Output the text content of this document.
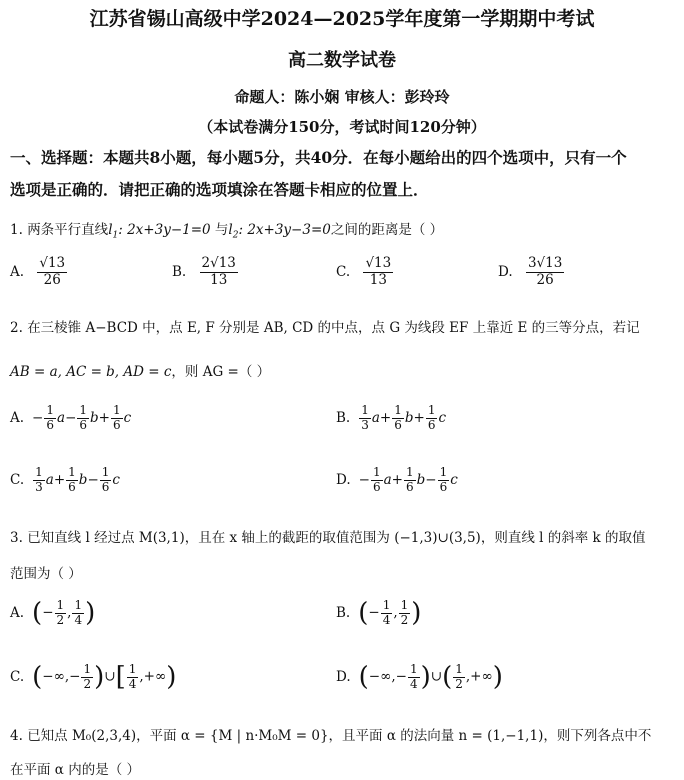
江苏省锡山高级中学2024—2025学年度第一学期期中考试
高二数学试卷
命题人：陈小娴 审核人：彭玲玲
（本试卷满分150分，考试时间120分钟）
一、选择题：本题共8小题，每小题5分，共40分．在每小题给出的四个选项中，只有一个
选项是正确的．请把正确的选项填涂在答题卡相应的位置上．
1. 两条平行直线$l_1$: 2x+3y−1=0 与$l_2$: 2x+3y−3=0之间的距离是（ ）
A. $\frac{√13}{26}$	B. $\frac{2√13}{13}$	C. $\frac{√13}{13}$	D. $\frac{3√13}{26}$
2. 在三棱锥 A−BCD 中，点 E, F 分别是 AB, CD 的中点，点 G 为线段 EF 上靠近 E 的三等分点，若记
AB = a, AC = b, AD = c，则 AG =（ ）
A. − $\frac{1}{6} a- \frac{1}{6} b+ \frac{1}{6}$ c	B. $\frac{1}{3} a+ \frac{1}{6} b+ \frac{1}{6}$ c
C. $\frac{1}{3} a+ \frac{1}{6} b- \frac{1}{6}$ c	D. − $\frac{1}{6} a+ \frac{1}{6} b- \frac{1}{6}$ c
3. 已知直线 l 经过点 M(3,1)，且在 x 轴上的截距的取值范围为 (−1,3)∪(3,5)，则直线 l 的斜率 k 的取值
范围为（ ）
A. (− $\frac{1}{2}$ , $\frac{1}{4}$ )	B. (− $\frac{1}{4}$ , $\frac{1}{2}$ )
C. (−∞,− $\frac{1}{2}$ )∪[ $\frac{1}{4}$ ,+∞)	D. (−∞,− $\frac{1}{4}$ )∪( $\frac{1}{2}$ ,+∞)
4. 已知点 M₀(2,3,4)，平面 α = {M | n·M₀M = 0}，且平面 α 的法向量 n = (1,−1,1)，则下列各点中不
在平面 α 内的是（ ）
